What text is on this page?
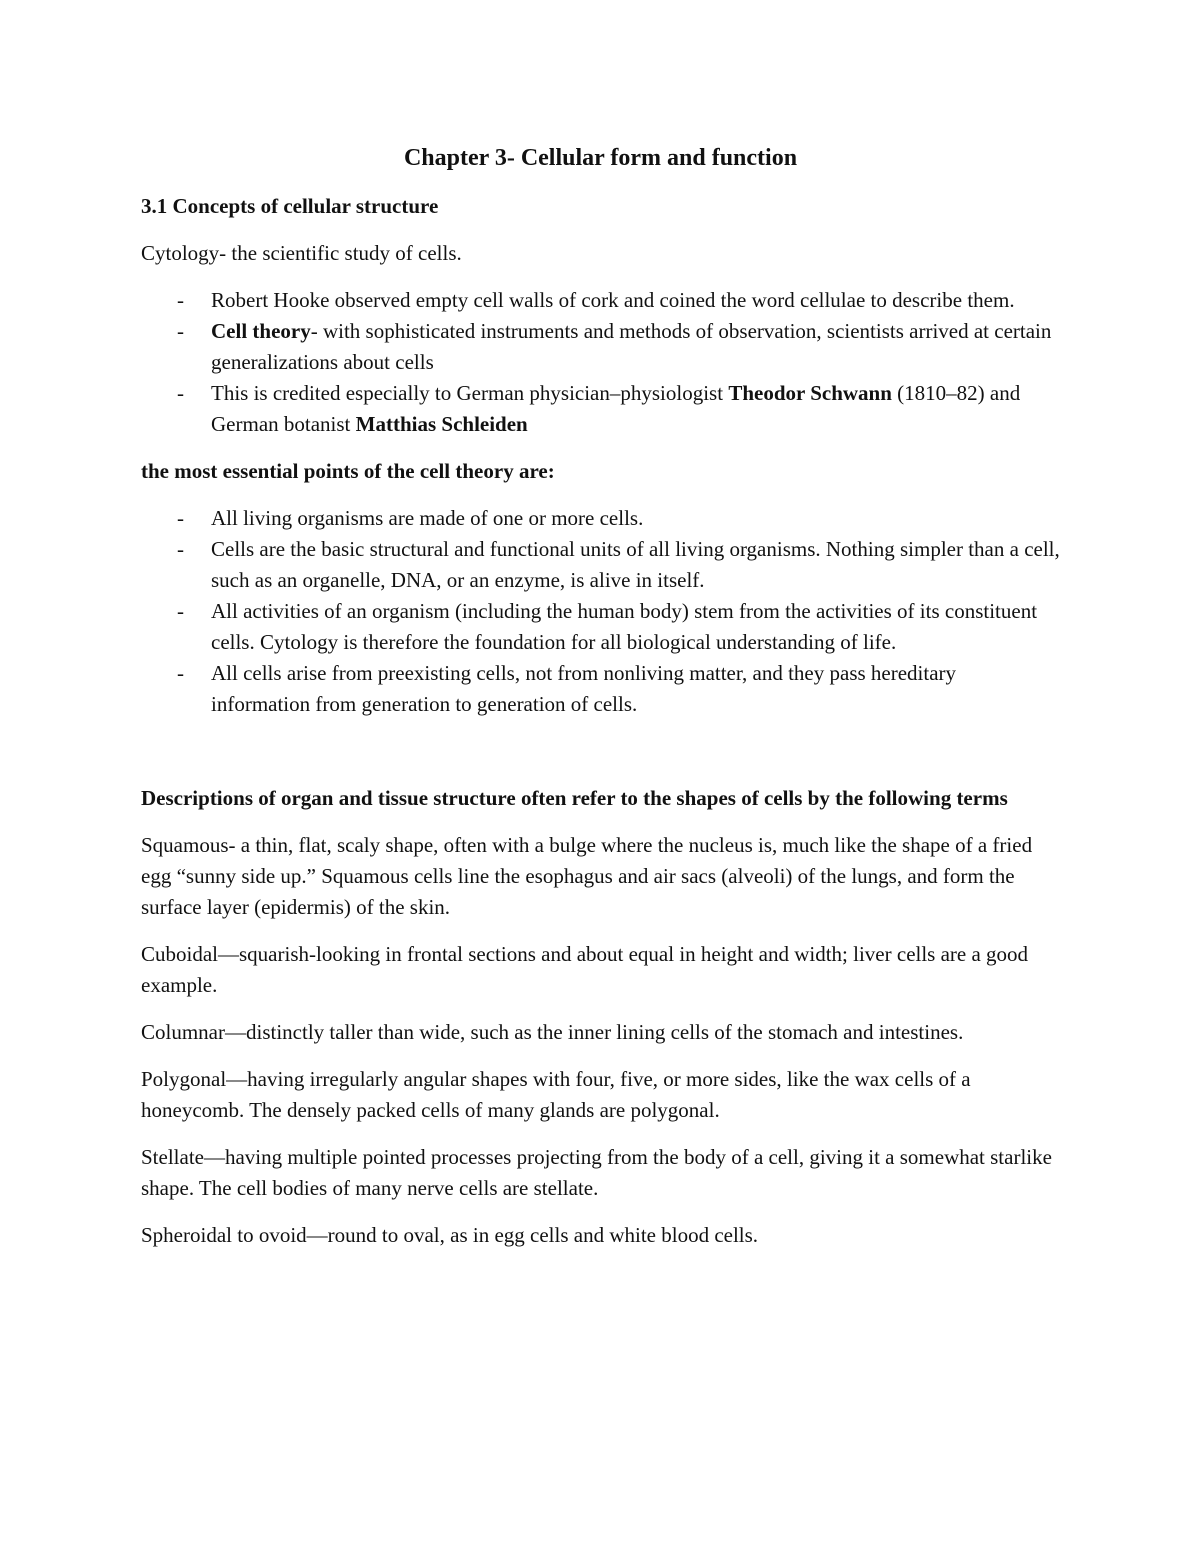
Chapter 3- Cellular form and function
3.1 Concepts of cellular structure
Cytology- the scientific study of cells.
- Robert Hooke observed empty cell walls of cork and coined the word cellulae to describe them.
- Cell theory- with sophisticated instruments and methods of observation, scientists arrived at certain generalizations about cells
- This is credited especially to German physician–physiologist Theodor Schwann (1810–82) and German botanist Matthias Schleiden
the most essential points of the cell theory are:
- All living organisms are made of one or more cells.
- Cells are the basic structural and functional units of all living organisms. Nothing simpler than a cell, such as an organelle, DNA, or an enzyme, is alive in itself.
- All activities of an organism (including the human body) stem from the activities of its constituent cells. Cytology is therefore the foundation for all biological understanding of life.
- All cells arise from preexisting cells, not from nonliving matter, and they pass hereditary information from generation to generation of cells.
Descriptions of organ and tissue structure often refer to the shapes of cells by the following terms
Squamous- a thin, flat, scaly shape, often with a bulge where the nucleus is, much like the shape of a fried egg “sunny side up.” Squamous cells line the esophagus and air sacs (alveoli) of the lungs, and form the surface layer (epidermis) of the skin.
Cuboidal—squarish-looking in frontal sections and about equal in height and width; liver cells are a good example.
Columnar—distinctly taller than wide, such as the inner lining cells of the stomach and intestines.
Polygonal—having irregularly angular shapes with four, five, or more sides, like the wax cells of a honeycomb. The densely packed cells of many glands are polygonal.
Stellate—having multiple pointed processes projecting from the body of a cell, giving it a somewhat starlike shape. The cell bodies of many nerve cells are stellate.
Spheroidal to ovoid—round to oval, as in egg cells and white blood cells.
